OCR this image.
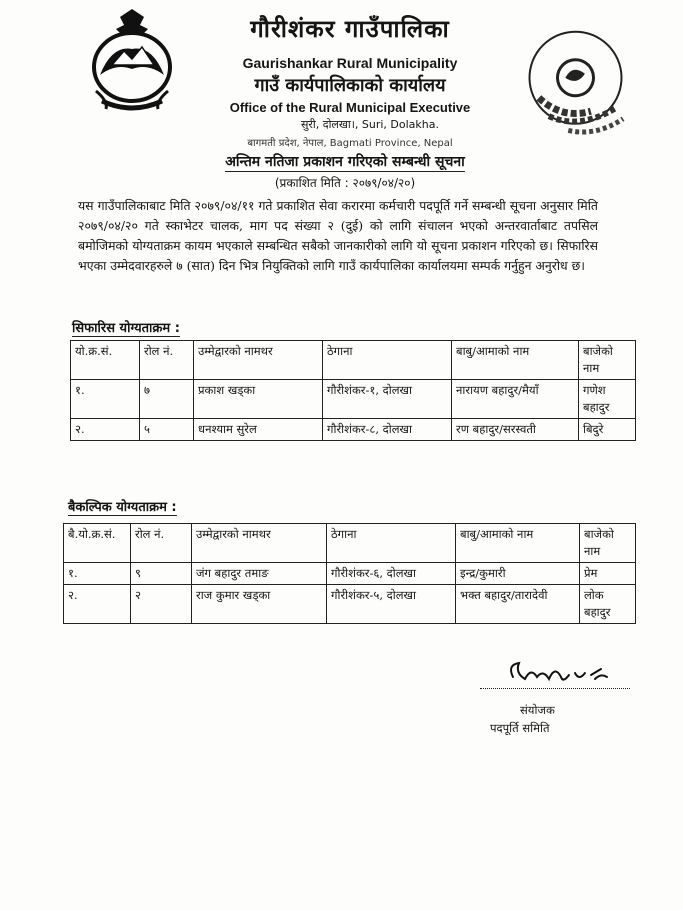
गौरीशंकर गाउँपालिका
Gaurishankar Rural Municipality
गाउँ कार्यपालिकाको कार्यालय
Office of the Rural Municipal Executive
सुरी, दोलखा।, Suri, Dolakha.
बागमती प्रदेश, नेपाल, Bagmati Province, Nepal
अन्तिम नतिजा प्रकाशन गरिएको सम्बन्धी सूचना
(प्रकाशित मिति : २०७९/०४/२०)
यस गाउँपालिकाबाट मिति २०७९/०४/११ गते प्रकाशित सेवा करारमा कर्मचारी पदपूर्ति गर्ने सम्बन्धी सूचना अनुसार मिति २०७९/०४/२० गते स्काभेटर चालक, माग पद संख्या २ (दुई) को लागि संचालन भएको अन्तरवार्ताबाट तपसिल बमोजिमको योग्यताक्रम कायम भएकाले सम्बन्धित सबैको जानकारीको लागि यो सूचना प्रकाशन गरिएको छ। सिफारिस भएका उम्मेदवारहरुले ७ (सात) दिन भित्र नियुक्तिको लागि गाउँ कार्यपालिका कार्यालयमा सम्पर्क गर्नुहुन अनुरोध छ।
सिफारिस योग्यताक्रम :
यो.क्र.सं.	रोल नं.	उम्मेद्वारको नामथर	ठेगाना	बाबु/आमाको नाम	बाजेको नाम
१.	७	प्रकाश खड्का	गौरीशंकर-१, दोलखा	नारायण बहादुर/मैयाँ	गणेश बहादुर
२.	५	धनश्याम सुरेल	गौरीशंकर-८, दोलखा	रण बहादुर/सरस्वती	बिदुरे
बैकल्पिक योग्यताक्रम :
बै.यो.क्र.सं.	रोल नं.	उम्मेद्वारको नामथर	ठेगाना	बाबु/आमाको नाम	बाजेको नाम
१.	९	जंग बहादुर तमाङ	गौरीशंकर-६, दोलखा	इन्द्र/कुमारी	प्रेम
२.	२	राज कुमार खड्का	गौरीशंकर-५, दोलखा	भक्त बहादुर/तारादेवी	लोक बहादुर
संयोजक
पदपूर्ति समिति
